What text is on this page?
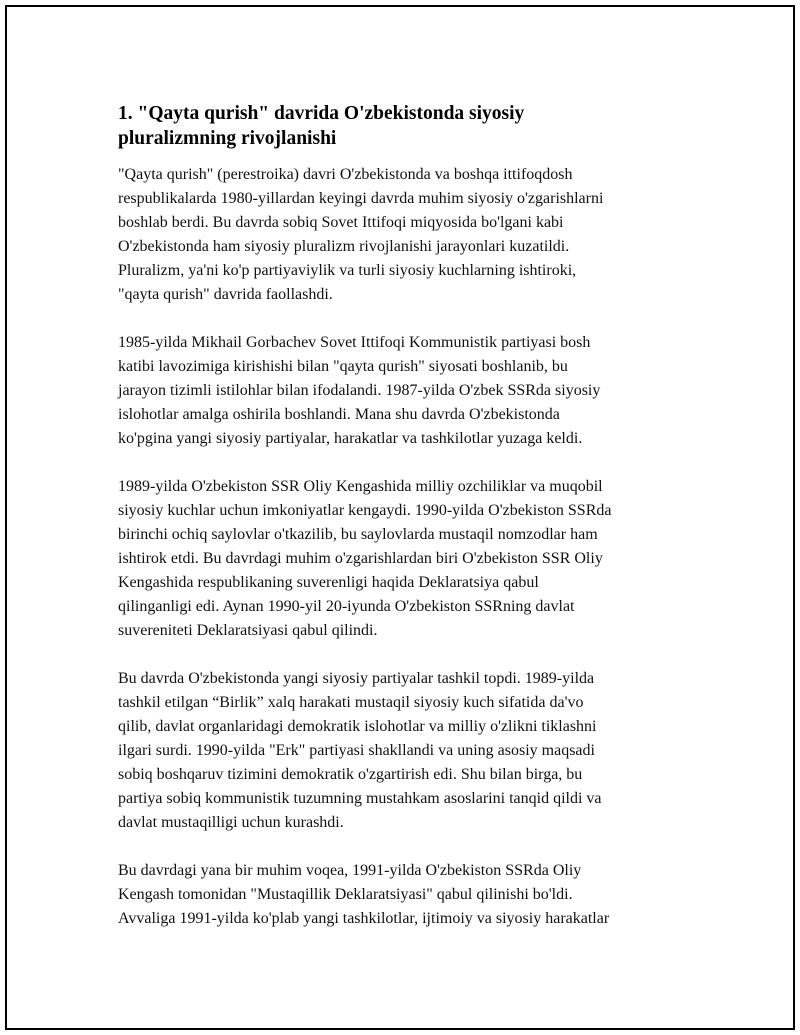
1. "Qayta qurish" davrida O'zbekistonda siyosiy
pluralizmning rivojlanishi

"Qayta qurish" (perestroika) davri O'zbekistonda va boshqa ittifoqdosh
respublikalarda 1980-yillardan keyingi davrda muhim siyosiy o'zgarishlarni
boshlab berdi. Bu davrda sobiq Sovet Ittifoqi miqyosida bo'lgani kabi
O'zbekistonda ham siyosiy pluralizm rivojlanishi jarayonlari kuzatildi.
Pluralizm, ya'ni ko'p partiyaviylik va turli siyosiy kuchlarning ishtiroki,
"qayta qurish" davrida faollashdi.

1985-yilda Mikhail Gorbachev Sovet Ittifoqi Kommunistik partiyasi bosh
katibi lavozimiga kirishishi bilan "qayta qurish" siyosati boshlanib, bu
jarayon tizimli istilohlar bilan ifodalandi. 1987-yilda O'zbek SSRda siyosiy
islohotlar amalga oshirila boshlandi. Mana shu davrda O'zbekistonda
ko'pgina yangi siyosiy partiyalar, harakatlar va tashkilotlar yuzaga keldi.

1989-yilda O'zbekiston SSR Oliy Kengashida milliy ozchiliklar va muqobil
siyosiy kuchlar uchun imkoniyatlar kengaydi. 1990-yilda O'zbekiston SSRda
birinchi ochiq saylovlar o'tkazilib, bu saylovlarda mustaqil nomzodlar ham
ishtirok etdi. Bu davrdagi muhim o'zgarishlardan biri O'zbekiston SSR Oliy
Kengashida respublikaning suverenligi haqida Deklaratsiya qabul
qilinganligi edi. Aynan 1990-yil 20-iyunda O'zbekiston SSRning davlat
suvereniteti Deklaratsiyasi qabul qilindi.

Bu davrda O'zbekistonda yangi siyosiy partiyalar tashkil topdi. 1989-yilda
tashkil etilgan “Birlik” xalq harakati mustaqil siyosiy kuch sifatida da'vo
qilib, davlat organlaridagi demokratik islohotlar va milliy o'zlikni tiklashni
ilgari surdi. 1990-yilda "Erk" partiyasi shakllandi va uning asosiy maqsadi
sobiq boshqaruv tizimini demokratik o'zgartirish edi. Shu bilan birga, bu
partiya sobiq kommunistik tuzumning mustahkam asoslarini tanqid qildi va
davlat mustaqilligi uchun kurashdi.

Bu davrdagi yana bir muhim voqea, 1991-yilda O'zbekiston SSRda Oliy
Kengash tomonidan "Mustaqillik Deklaratsiyasi" qabul qilinishi bo'ldi.
Avvaliga 1991-yilda ko'plab yangi tashkilotlar, ijtimoiy va siyosiy harakatlar
